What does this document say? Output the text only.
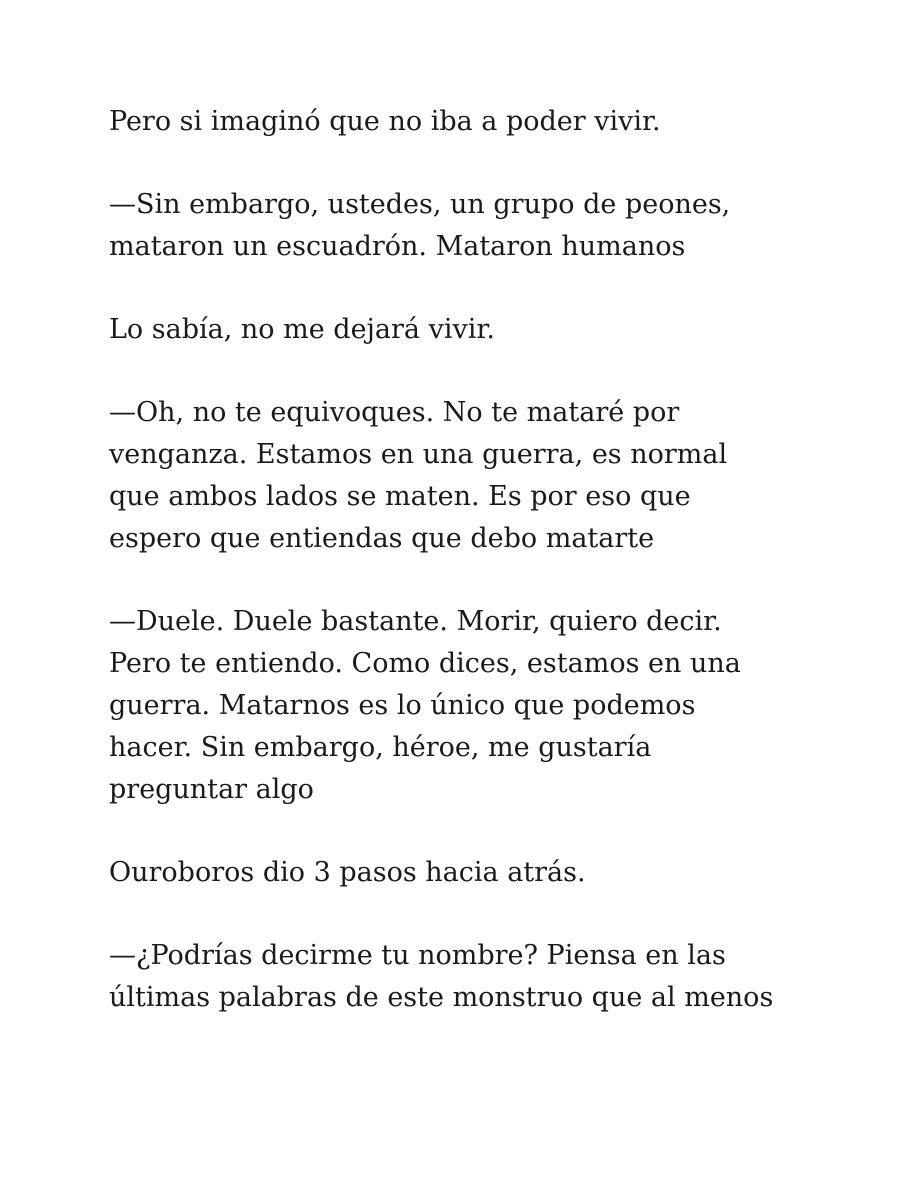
Pero si imaginó que no iba a poder vivir.

—Sin embargo, ustedes, un grupo de peones,
mataron un escuadrón. Mataron humanos

Lo sabía, no me dejará vivir.

—Oh, no te equivoques. No te mataré por
venganza. Estamos en una guerra, es normal
que ambos lados se maten. Es por eso que
espero que entiendas que debo matarte

—Duele. Duele bastante. Morir, quiero decir.
Pero te entiendo. Como dices, estamos en una
guerra. Matarnos es lo único que podemos
hacer. Sin embargo, héroe, me gustaría
preguntar algo

Ouroboros dio 3 pasos hacia atrás.

—¿Podrías decirme tu nombre? Piensa en las
últimas palabras de este monstruo que al menos
